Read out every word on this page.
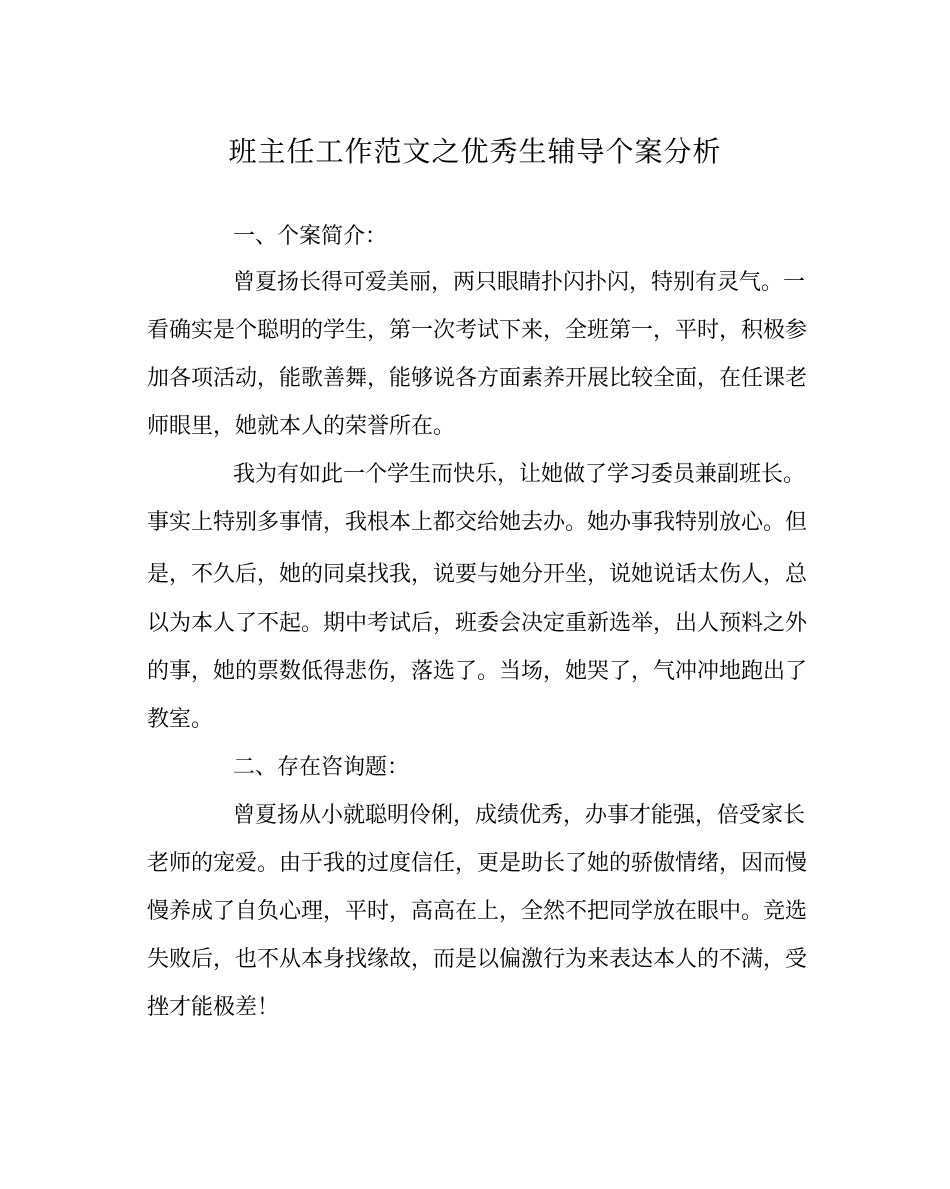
班主任工作范文之优秀生辅导个案分析
一、个案简介：
曾夏扬长得可爱美丽，两只眼睛扑闪扑闪，特别有灵气。一
看确实是个聪明的学生，第一次考试下来，全班第一，平时，积极参
加各项活动，能歌善舞，能够说各方面素养开展比较全面，在任课老
师眼里，她就本人的荣誉所在。
我为有如此一个学生而快乐，让她做了学习委员兼副班长。
事实上特别多事情，我根本上都交给她去办。她办事我特别放心。但
是，不久后，她的同桌找我，说要与她分开坐，说她说话太伤人，总
以为本人了不起。期中考试后，班委会决定重新选举，出人预料之外
的事，她的票数低得悲伤，落选了。当场，她哭了，气冲冲地跑出了
教室。
二、存在咨询题：
曾夏扬从小就聪明伶俐，成绩优秀，办事才能强，倍受家长
老师的宠爱。由于我的过度信任，更是助长了她的骄傲情绪，因而慢
慢养成了自负心理，平时，高高在上，全然不把同学放在眼中。竞选
失败后，也不从本身找缘故，而是以偏激行为来表达本人的不满，受
挫才能极差！
